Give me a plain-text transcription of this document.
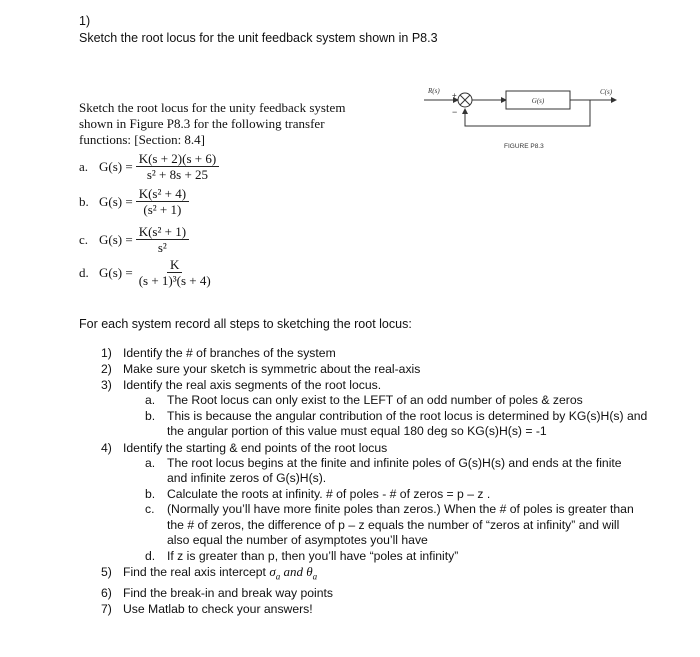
1)
Sketch the root locus for the unit feedback system shown in P8.3
Sketch the root locus for the unity feedback system
shown in Figure P8.3 for the following transfer
functions: [Section: 8.4]
a. $G(s) = \frac{K(s + 2)(s + 6)}{\text{s² + 8s + 25}}$
b. $G(s) = \frac{\text{K(s² + 4)}}{\text{(s² + 1)}}$
c. $G(s) = \frac{\text{K(s² + 1)}}{\text{s²}}$
d. $G(s) = \frac{K}{\text{(s + 1)³(s + 4)}}$
R(s) +
−
G(s)
C(s)
FIGURE P8.3
For each system record all steps to sketching the root locus:
1) Identify the # of branches of the system
2) Make sure your sketch is symmetric about the real-axis
3) Identify the real axis segments of the root locus.
a. The Root locus can only exist to the LEFT of an odd number of poles & zeros
b. This is because the angular contribution of the root locus is determined by KG(s)H(s) and
the angular portion of this value must equal 180 deg so KG(s)H(s) = -1
4) Identify the starting & end points of the root locus
a. The root locus begins at the finite and infinite poles of G(s)H(s) and ends at the finite
and infinite zeros of G(s)H(s).
b. Calculate the roots at infinity. # of poles - # of zeros = p – z .
c.	(Normally you’ll have more finite poles than zeros.) When the # of poles is greater than
the # of zeros, the difference of p – z equals the number of “zeros at infinity” and will
also equal the number of asymptotes you’ll have
d. If z is greater than p, then you’ll have “poles at infinity”
5) Find the real axis intercept $\sigma_a$ and $\theta_a$
6) Find the break-in and break way points
7) Use Matlab to check your answers!
